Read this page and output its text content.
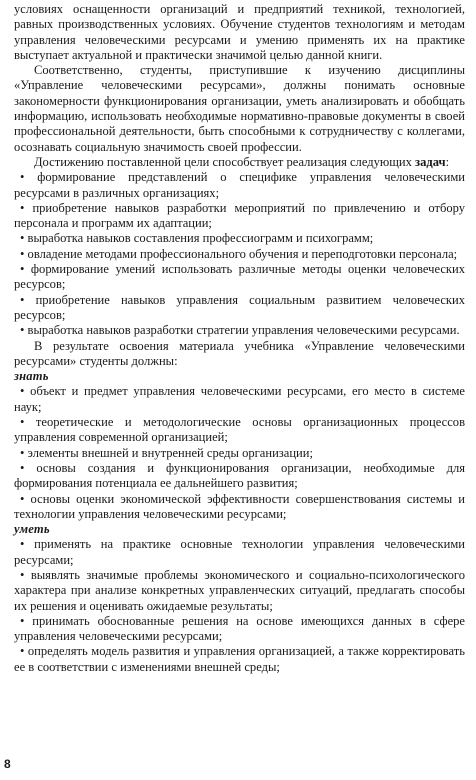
условиях оснащенности организаций и предприятий техникой, технологией, равных производственных условиях. Обучение студентов технологиям и методам управления человеческими ресурсами и умению применять их на практике выступает актуальной и практически значимой целью данной книги.

Соответственно, студенты, приступившие к изучению дисциплины «Управление человеческими ресурсами», должны понимать основные закономерности функционирования организации, уметь анализировать и обобщать информацию, использовать необходимые нормативно-правовые документы в своей профессиональной деятельности, быть способными к сотрудничеству с коллегами, осознавать социальную значимость своей профессии.

Достижению поставленной цели способствует реализация следующих задач:

• формирование представлений о специфике управления человеческими ресурсами в различных организациях;
• приобретение навыков разработки мероприятий по привлечению и отбору персонала и программ их адаптации;
• выработка навыков составления профессиограмм и психограмм;
• овладение методами профессионального обучения и переподготовки персонала;
• формирование умений использовать различные методы оценки человеческих ресурсов;
• приобретение навыков управления социальным развитием человеческих ресурсов;
• выработка навыков разработки стратегии управления человеческими ресурсами.

В результате освоения материала учебника «Управление человеческими ресурсами» студенты должны:

знать

• объект и предмет управления человеческими ресурсами, его место в системе наук;
• теоретические и методологические основы организационных процессов управления современной организацией;
• элементы внешней и внутренней среды организации;
• основы создания и функционирования организации, необходимые для формирования потенциала ее дальнейшего развития;
• основы оценки экономической эффективности совершенствования системы и технологии управления человеческими ресурсами;

уметь

• применять на практике основные технологии управления человеческими ресурсами;
• выявлять значимые проблемы экономического и социально-психологического характера при анализе конкретных управленческих ситуаций, предлагать способы их решения и оценивать ожидаемые результаты;
• принимать обоснованные решения на основе имеющихся данных в сфере управления человеческими ресурсами;
• определять модель развития и управления организацией, а также корректировать ее в соответствии с изменениями внешней среды;
8
